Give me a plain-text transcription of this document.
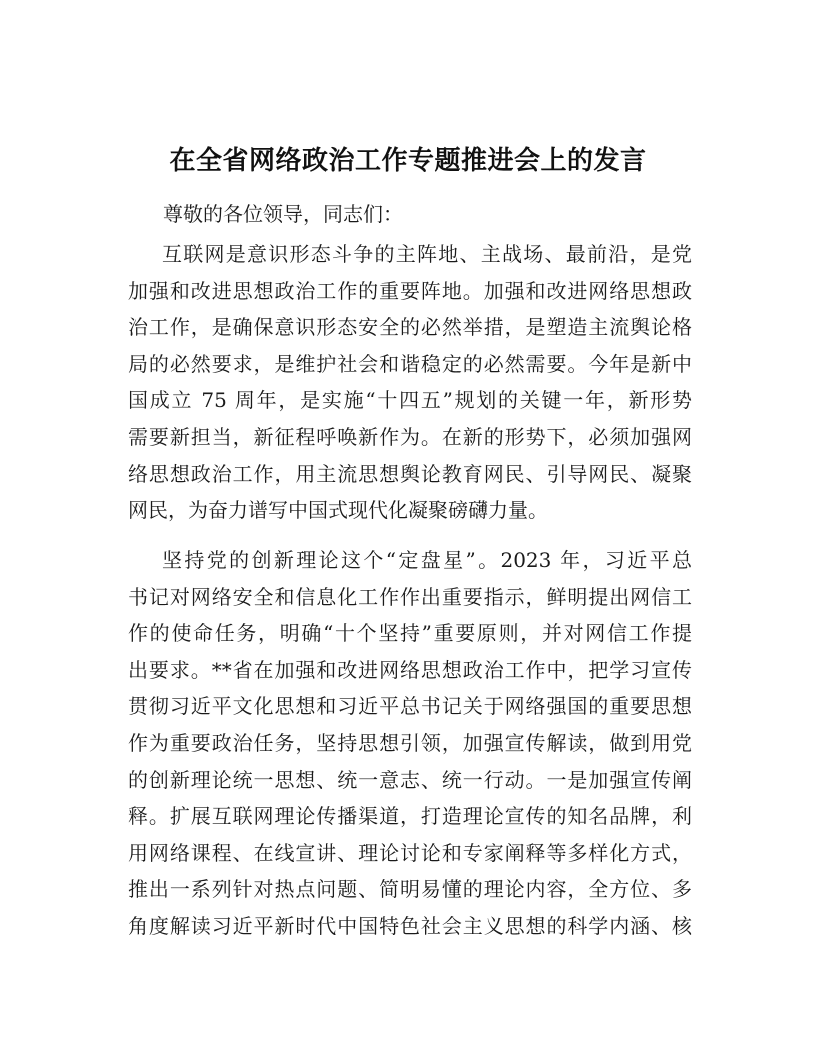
在全省网络政治工作专题推进会上的发言

尊敬的各位领导，同志们：

互联网是意识形态斗争的主阵地、主战场、最前沿，是党
加强和改进思想政治工作的重要阵地。加强和改进网络思想政
治工作，是确保意识形态安全的必然举措，是塑造主流舆论格
局的必然要求，是维护社会和谐稳定的必然需要。今年是新中
国成立 75 周年，是实施“十四五”规划的关键一年，新形势
需要新担当，新征程呼唤新作为。在新的形势下，必须加强网
络思想政治工作，用主流思想舆论教育网民、引导网民、凝聚
网民，为奋力谱写中国式现代化凝聚磅礴力量。
坚持党的创新理论这个“定盘星”。2023 年，习近平总
书记对网络安全和信息化工作作出重要指示，鲜明提出网信工
作的使命任务，明确“十个坚持”重要原则，并对网信工作提
出要求。**省在加强和改进网络思想政治工作中，把学习宣传
贯彻习近平文化思想和习近平总书记关于网络强国的重要思想
作为重要政治任务，坚持思想引领，加强宣传解读，做到用党
的创新理论统一思想、统一意志、统一行动。一是加强宣传阐
释。扩展互联网理论传播渠道，打造理论宣传的知名品牌，利
用网络课程、在线宣讲、理论讨论和专家阐释等多样化方式，
推出一系列针对热点问题、简明易懂的理论内容，全方位、多
角度解读习近平新时代中国特色社会主义思想的科学内涵、核
